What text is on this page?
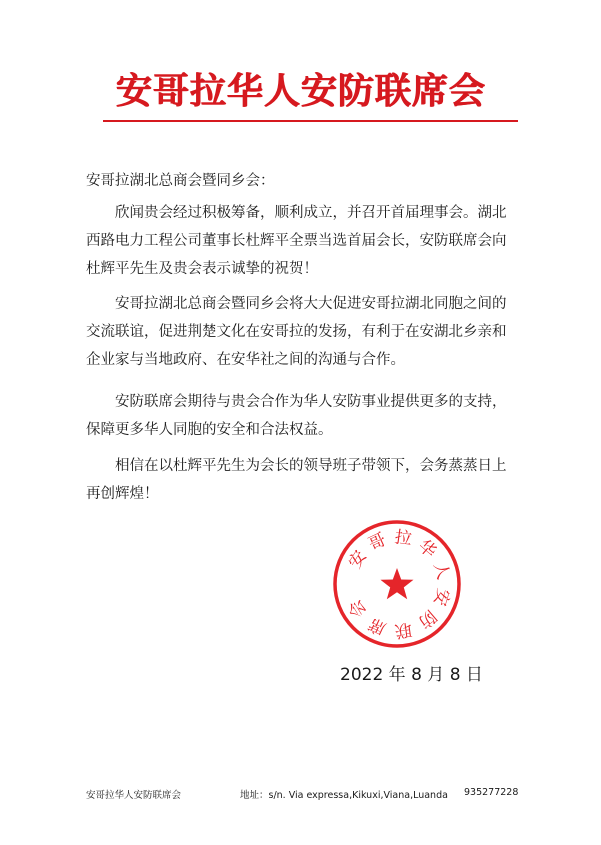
安哥拉华人安防联席会
安哥拉湖北总商会暨同乡会：

欣闻贵会经过积极筹备，顺利成立，并召开首届理事会。湖北西路电力工程公司董事长杜辉平全票当选首届会长，安防联席会向杜辉平先生及贵会表示诚挚的祝贺！

安哥拉湖北总商会暨同乡会将大大促进安哥拉湖北同胞之间的交流联谊，促进荆楚文化在安哥拉的发扬，有利于在安湖北乡亲和企业家与当地政府、在安华社之间的沟通与合作。

安防联席会期待与贵会合作为华人安防事业提供更多的支持，保障更多华人同胞的安全和合法权益。

相信在以杜辉平先生为会长的领导班子带领下，会务蒸蒸日上再创辉煌！

安
哥 拉 华
人
安
防
联
席
会
2022 年 8 月 8 日
安哥拉华人安防联席会	地址：s/n. Via expressa,Kikuxi,Viana,Luanda 935277228
